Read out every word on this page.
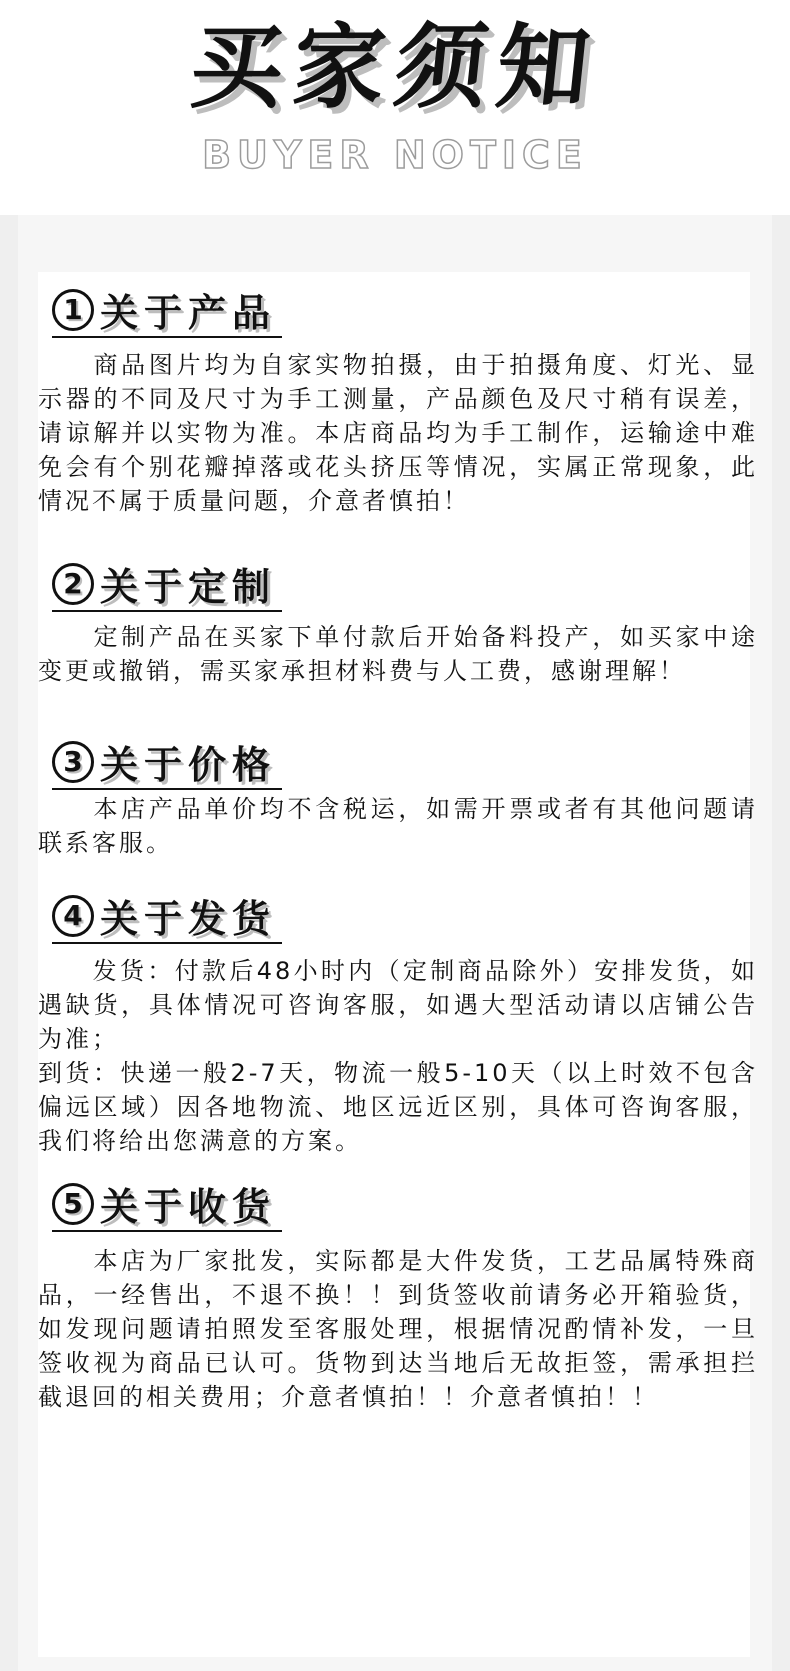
买家须知
BUYER NOTICE
1 关于产品
　　商品图片均为自家实物拍摄，由于拍摄角度、灯光、显示器的不同及尺寸为手工测量，产品颜色及尺寸稍有误差，请谅解并以实物为准。本店商品均为手工制作，运输途中难免会有个别花瓣掉落或花头挤压等情况，实属正常现象，此情况不属于质量问题，介意者慎拍！
2 关于定制
　　定制产品在买家下单付款后开始备料投产，如买家中途变更或撤销，需买家承担材料费与人工费，感谢理解！
3 关于价格
　　本店产品单价均不含税运，如需开票或者有其他问题请联系客服。
4 关于发货
　　发货：付款后48小时内（定制商品除外）安排发货，如遇缺货，具体情况可咨询客服，如遇大型活动请以店铺公告为准；
到货：快递一般2-7天，物流一般5-10天（以上时效不包含偏远区域）因各地物流、地区远近区别，具体可咨询客服，我们将给出您满意的方案。
5 关于收货
　　本店为厂家批发，实际都是大件发货，工艺品属特殊商品，一经售出，不退不换！！到货签收前请务必开箱验货，如发现问题请拍照发至客服处理，根据情况酌情补发，一旦签收视为商品已认可。货物到达当地后无故拒签，需承担拦截退回的相关费用；介意者慎拍！！介意者慎拍！！
